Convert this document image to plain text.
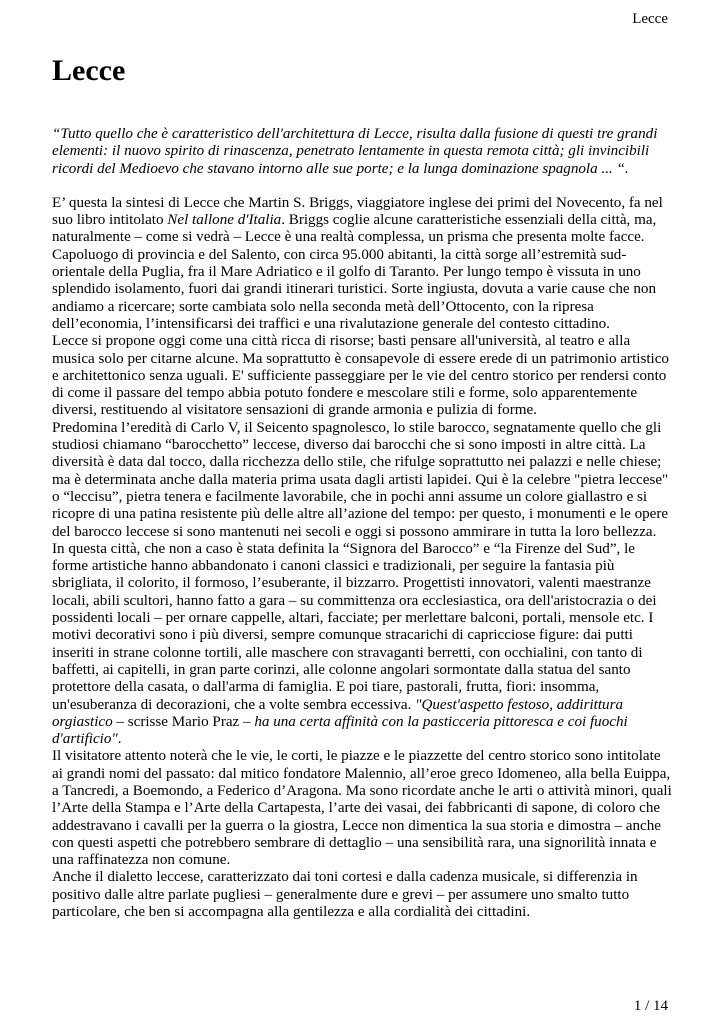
Lecce
Lecce

“Tutto quello che è caratteristico dell'architettura di Lecce, risulta dalla fusione di questi tre grandi elementi: il nuovo spirito di rinascenza, penetrato lentamente in questa remota città; gli invincibili ricordi del Medioevo che stavano intorno alle sue porte; e la lunga dominazione spagnola ... “.

E’ questa la sintesi di Lecce che Martin S. Briggs, viaggiatore inglese dei primi del Novecento, fa nel suo libro intitolato Nel tallone d'Italia. Briggs coglie alcune caratteristiche essenziali della città, ma, naturalmente – come si vedrà – Lecce è una realtà complessa, un prisma che presenta molte facce.

Capoluogo di provincia e del Salento, con circa 95.000 abitanti, la città sorge all’estremità sud-orientale della Puglia, fra il Mare Adriatico e il golfo di Taranto. Per lungo tempo è vissuta in uno splendido isolamento, fuori dai grandi itinerari turistici. Sorte ingiusta, dovuta a varie cause che non andiamo a ricercare; sorte cambiata solo nella seconda metà dell’Ottocento, con la ripresa dell’economia, l’intensificarsi dei traffici e una rivalutazione generale del contesto cittadino.

Lecce si propone oggi come una città ricca di risorse; basti pensare all'università, al teatro e alla musica solo per citarne alcune. Ma soprattutto è consapevole di essere erede di un patrimonio artistico e architettonico senza uguali. E' sufficiente passeggiare per le vie del centro storico per rendersi conto di come il passare del tempo abbia potuto fondere e mescolare stili e forme, solo apparentemente diversi, restituendo al visitatore sensazioni di grande armonia e pulizia di forme.

Predomina l’eredità di Carlo V, il Seicento spagnolesco, lo stile barocco, segnatamente quello che gli studiosi chiamano “barocchetto” leccese, diverso dai barocchi che si sono imposti in altre città. La diversità è data dal tocco, dalla ricchezza dello stile, che rifulge soprattutto nei palazzi e nelle chiese; ma è determinata anche dalla materia prima usata dagli artisti lapidei. Qui è la celebre "pietra leccese" o “leccisu”, pietra tenera e facilmente lavorabile, che in pochi anni assume un colore giallastro e si ricopre di una patina resistente più delle altre all’azione del tempo: per questo, i monumenti e le opere del barocco leccese si sono mantenuti nei secoli e oggi si possono ammirare in tutta la loro bellezza.

In questa città, che non a caso è stata definita la “Signora del Barocco” e “la Firenze del Sud”, le forme artistiche hanno abbandonato i canoni classici e tradizionali, per seguire la fantasia più sbrigliata, il colorito, il formoso, l’esuberante, il bizzarro. Progettisti innovatori, valenti maestranze locali, abili scultori, hanno fatto a gara – su committenza ora ecclesiastica, ora dell'aristocrazia o dei possidenti locali – per ornare cappelle, altari, facciate; per merlettare balconi, portali, mensole etc. I motivi decorativi sono i più diversi, sempre comunque stracarichi di capricciose figure: dai putti inseriti in strane colonne tortili, alle maschere con stravaganti berretti, con occhialini, con tanto di baffetti, ai capitelli, in gran parte corinzi, alle colonne angolari sormontate dalla statua del santo protettore della casata, o dall'arma di famiglia. E poi tiare, pastorali, frutta, fiori: insomma, un'esuberanza di decorazioni, che a volte sembra eccessiva. "Quest'aspetto festoso, addirittura orgiastico – scrisse Mario Praz – ha una certa affinità con la pasticceria pittoresca e coi fuochi d'artificio".

Il visitatore attento noterà che le vie, le corti, le piazze e le piazzette del centro storico sono intitolate ai grandi nomi del passato: dal mitico fondatore Malennio, all’eroe greco Idomeneo, alla bella Euippa, a Tancredi, a Boemondo, a Federico d’Aragona. Ma sono ricordate anche le arti o attività minori, quali l’Arte della Stampa e l’Arte della Cartapesta, l’arte dei vasai, dei fabbricanti di sapone, di coloro che addestravano i cavalli per la guerra o la giostra, Lecce non dimentica la sua storia e dimostra – anche con questi aspetti che potrebbero sembrare di dettaglio – una sensibilità rara, una signorilità innata e una raffinatezza non comune.

Anche il dialetto leccese, caratterizzato dai toni cortesi e dalla cadenza musicale, si differenzia in positivo dalle altre parlate pugliesi – generalmente dure e grevi – per assumere uno smalto tutto particolare, che ben si accompagna alla gentilezza e alla cordialità dei cittadini.

1 / 14
